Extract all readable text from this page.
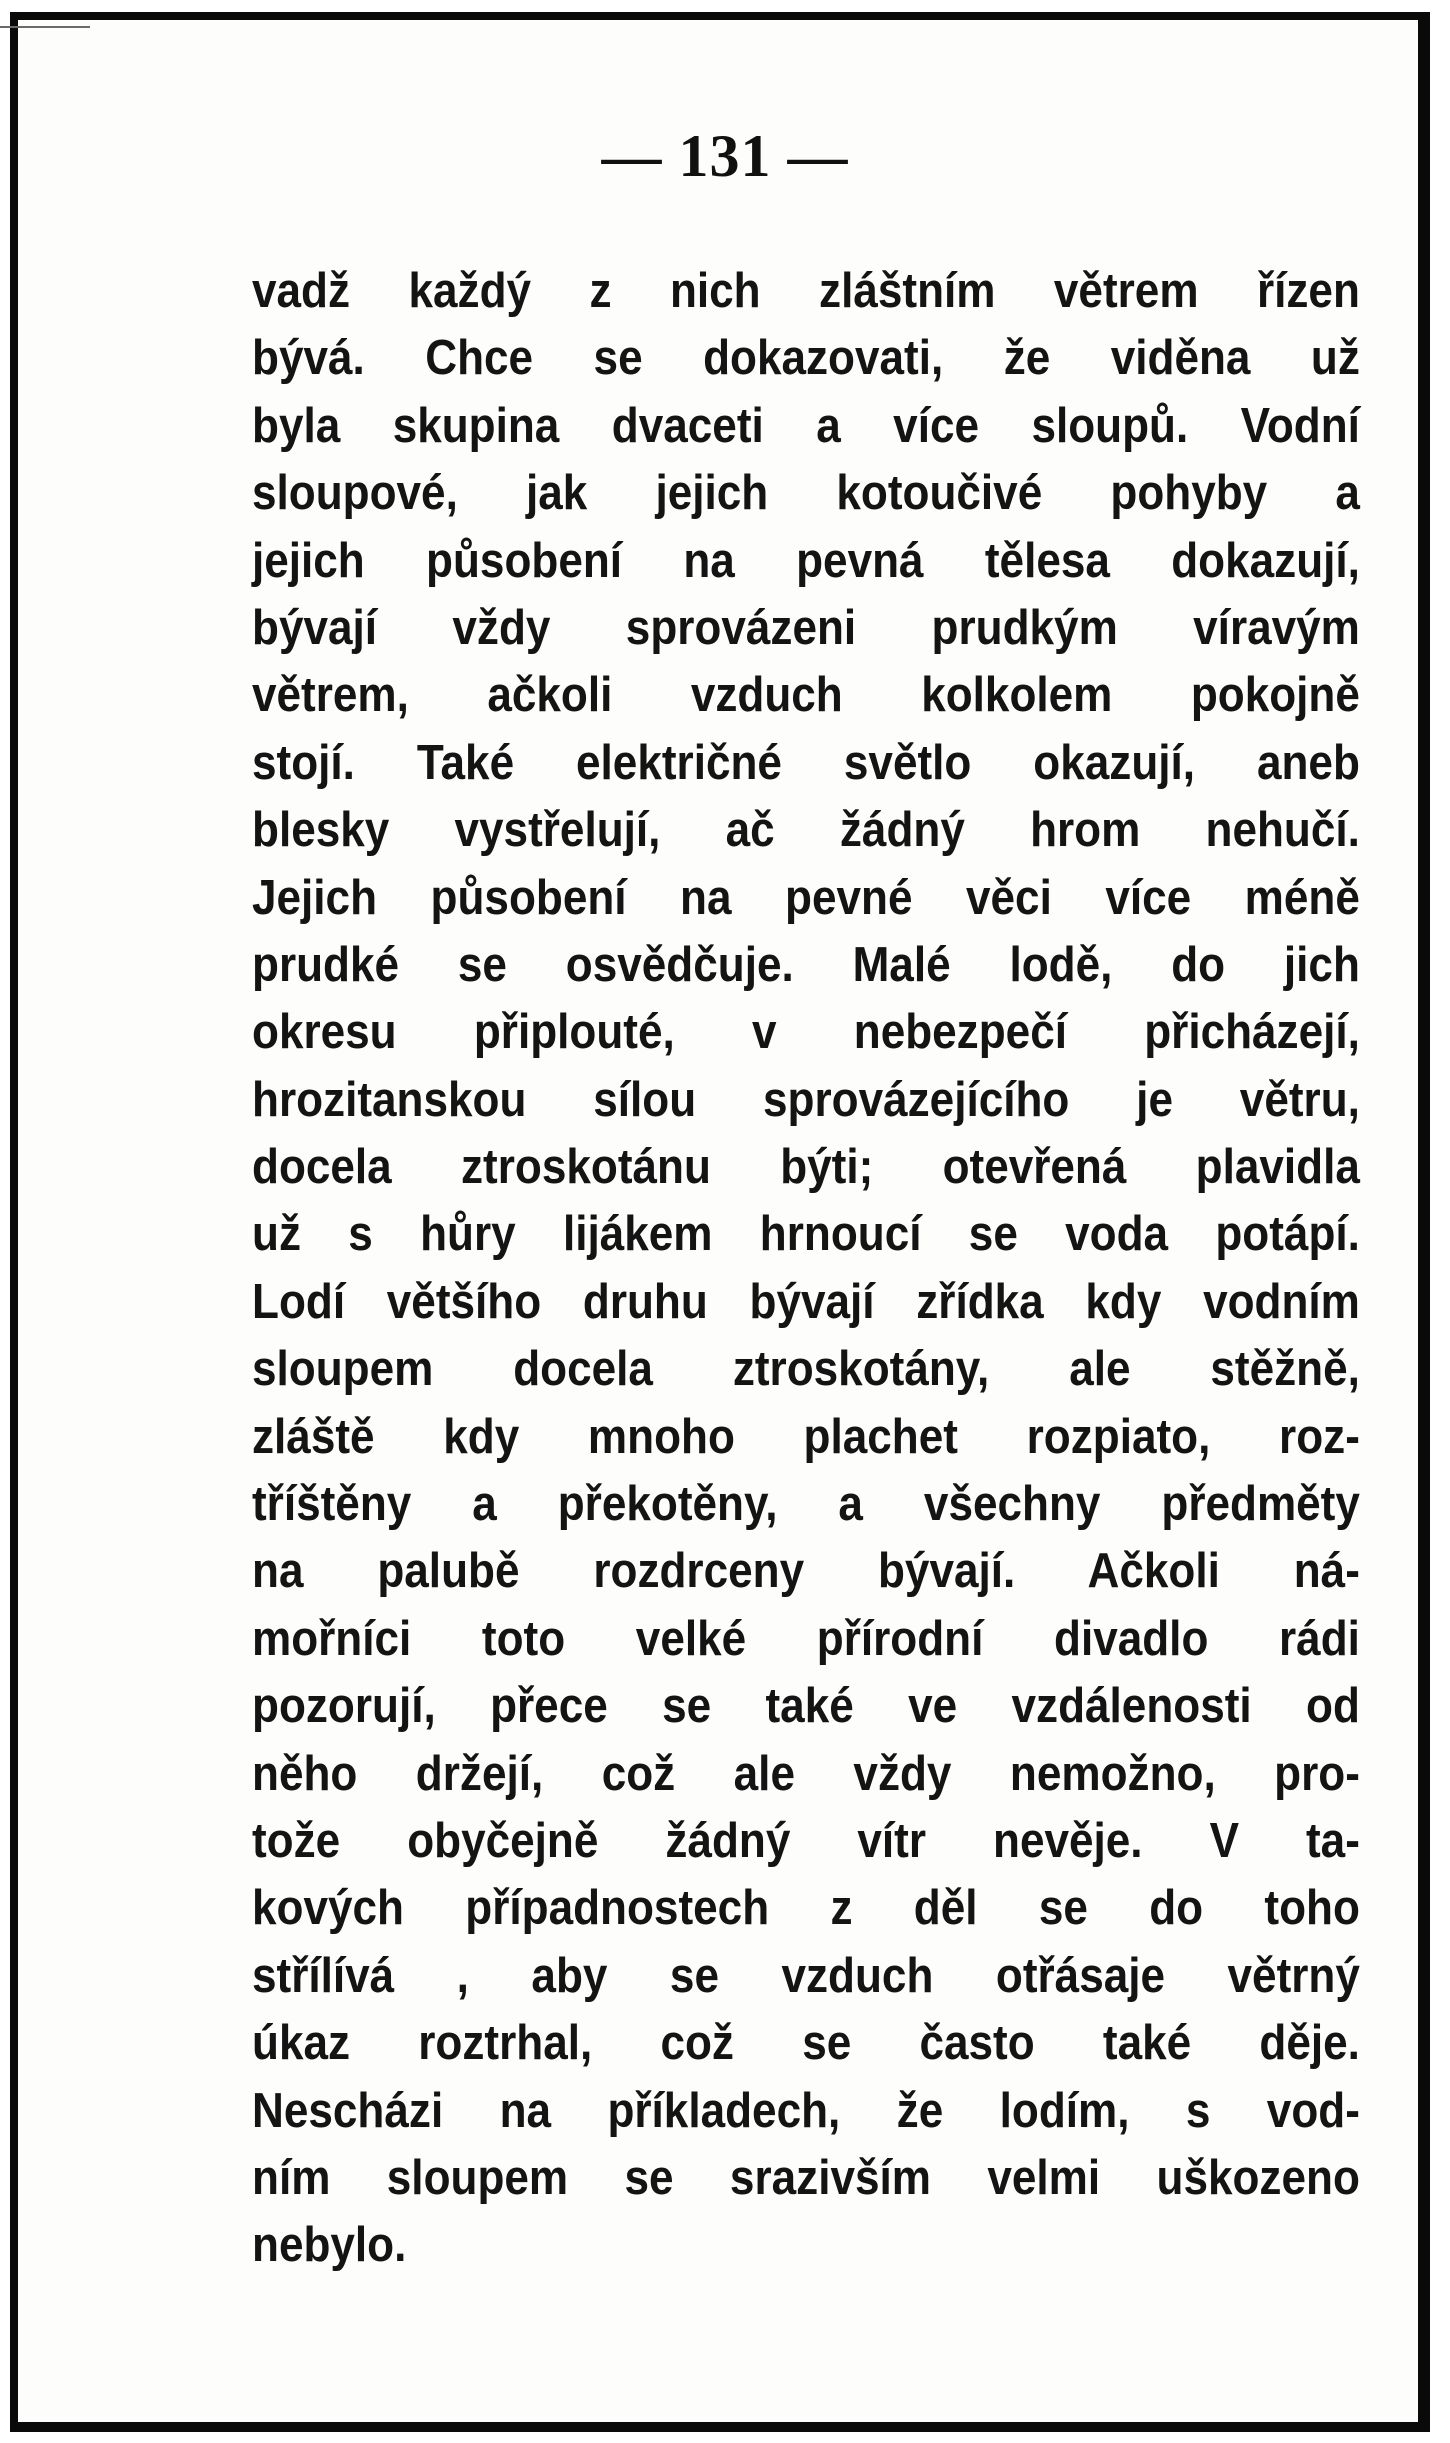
— 131 —
vadž každý z nich zláštním větrem řízen
bývá. Chce se dokazovati, že viděna už
byla skupina dvaceti a více sloupů. Vodní
sloupové, jak jejich kotoučivé pohyby a
jejich působení na pevná tělesa dokazují,
bývají vždy sprovázeni prudkým víravým
větrem, ačkoli vzduch kolkolem pokojně
stojí. Také električné světlo okazují, aneb
blesky vystřelují, ač žádný hrom nehučí.
Jejich působení na pevné věci více méně
prudké se osvědčuje. Malé lodě, do jich
okresu připlouté, v nebezpečí přicházejí,
hrozitanskou sílou sprovázejícího je větru,
docela ztroskotánu býti; otevřená plavidla
už s hůry lijákem hrnoucí se voda potápí.
Lodí většího druhu bývají zřídka kdy vodním
sloupem docela ztroskotány, ale stěžně,
zláště kdy mnoho plachet rozpiato, roz-
tříštěny a překotěny, a všechny předměty
na palubě rozdrceny bývají. Ačkoli ná-
mořníci toto velké přírodní divadlo rádi
pozorují, přece se také ve vzdálenosti od
něho držejí, což ale vždy nemožno, pro-
tože obyčejně žádný vítr nevěje. V ta-
kových případnostech z děl se do toho
střílívá , aby se vzduch otřásaje větrný
úkaz roztrhal, což se často také děje.
Nescházi na příkladech, že lodím, s vod-
ním sloupem se srazivším velmi uškozeno
nebylo.
